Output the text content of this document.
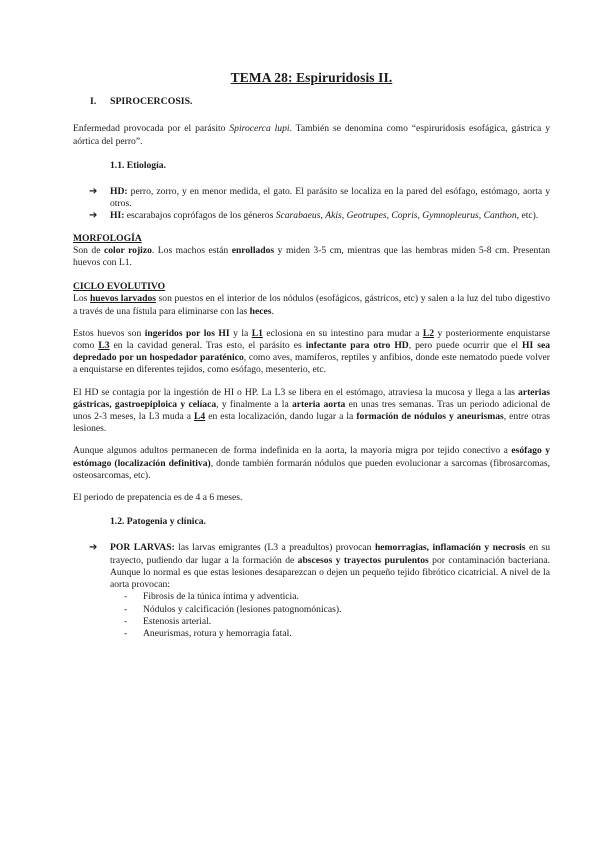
TEMA 28: Espiruridosis II.
I. SPIROCERCOSIS.

Enfermedad provocada por el parásito Spirocerca lupi. También se denomina como “espiruridosis esofágica, gástrica y aórtica del perro”.

1.1. Etiología.
➔ HD: perro, zorro, y en menor medida, el gato. El parásito se localiza en la pared del esófago, estómago, aorta y otros.
➔ HI: escarabajos coprófagos de los géneros Scarabaeus, Akis, Geotrupes, Copris, Gymnopleurus, Canthon, etc).
MORFOLOGÍA

Son de color rojizo. Los machos están enrollados y miden 3-5 cm, mientras que las hembras miden 5-8 cm. Presentan huevos con L1.

CICLO EVOLUTIVO

Los huevos larvados son puestos en el interior de los nódulos (esofágicos, gástricos, etc) y salen a la luz del tubo digestivo a través de una fístula para eliminarse con las heces.

Estos huevos son ingeridos por los HI y la L1 eclosiona en su intestino para mudar a L2 y posteriormente enquistarse como L3 en la cavidad general. Tras esto, el parásito es infectante para otro HD, pero puede ocurrir que el HI sea depredado por un hospedador paraténico, como aves, mamíferos, reptiles y anfibios, donde este nematodo puede volver a enquistarse en diferentes tejidos, como esófago, mesenterio, etc.

El HD se contagia por la ingestión de HI o HP. La L3 se libera en el estómago, atraviesa la mucosa y llega a las arterias gástricas, gastroepiploica y celíaca, y finalmente a la arteria aorta en unas tres semanas. Tras un periodo adicional de unos 2-3 meses, la L3 muda a L4 en esta localización, dando lugar a la formación de nódulos y aneurismas, entre otras lesiones.

Aunque algunos adultos permanecen de forma indefinida en la aorta, la mayoría migra por tejido conectivo a esófago y estómago (localización definitiva), donde también formarán nódulos que pueden evolucionar a sarcomas (fibrosarcomas, osteosarcomas, etc).

El periodo de prepatencia es de 4 a 6 meses.

1.2. Patogenia y clínica.
➔ POR LARVAS: las larvas emigrantes (L3 a preadultos) provocan hemorragias, inflamación y necrosis en su trayecto, pudiendo dar lugar a la formación de abscesos y trayectos purulentos por contaminación bacteriana. Aunque lo normal es que estas lesiones desaparezcan o dejen un pequeño tejido fibrótico cicatricial. A nivel de la aorta provocan:
- Fibrosis de la túnica íntima y adventicia.
- Nódulos y calcificación (lesiones patognomónicas).
- Estenosis arterial.
- Aneurismas, rotura y hemorragia fatal.
